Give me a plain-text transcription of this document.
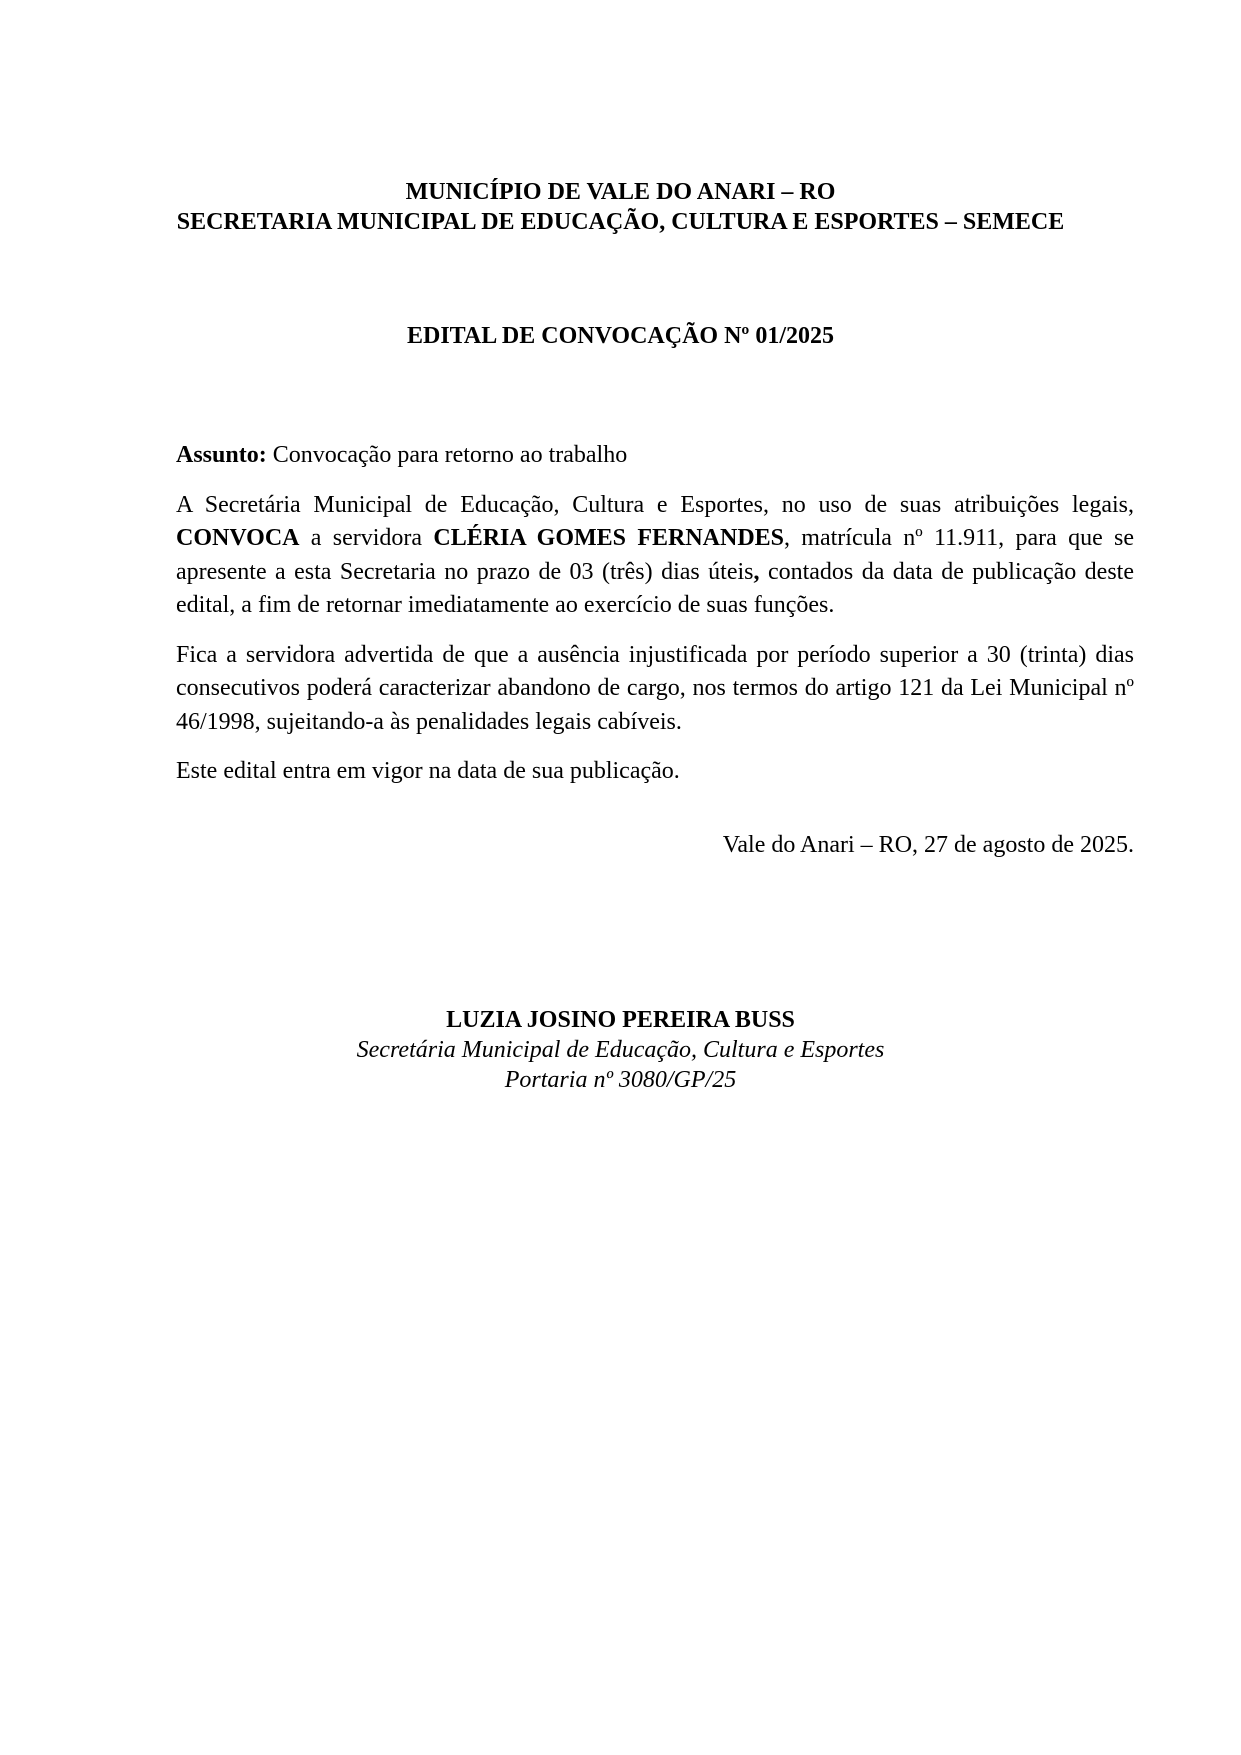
MUNICÍPIO DE VALE DO ANARI – RO
SECRETARIA MUNICIPAL DE EDUCAÇÃO, CULTURA E ESPORTES – SEMECE
EDITAL DE CONVOCAÇÃO Nº 01/2025

Assunto: Convocação para retorno ao trabalho

A Secretária Municipal de Educação, Cultura e Esportes, no uso de suas atribuições legais, CONVOCA a servidora CLÉRIA GOMES FERNANDES, matrícula nº 11.911, para que se apresente a esta Secretaria no prazo de 03 (três) dias úteis, contados da data de publicação deste edital, a fim de retornar imediatamente ao exercício de suas funções.

Fica a servidora advertida de que a ausência injustificada por período superior a 30 (trinta) dias consecutivos poderá caracterizar abandono de cargo, nos termos do artigo 121 da Lei Municipal nº 46/1998, sujeitando-a às penalidades legais cabíveis.

Este edital entra em vigor na data de sua publicação.

Vale do Anari – RO, 27 de agosto de 2025.
LUZIA JOSINO PEREIRA BUSS
Secretária Municipal de Educação, Cultura e Esportes
Portaria nº 3080/GP/25
